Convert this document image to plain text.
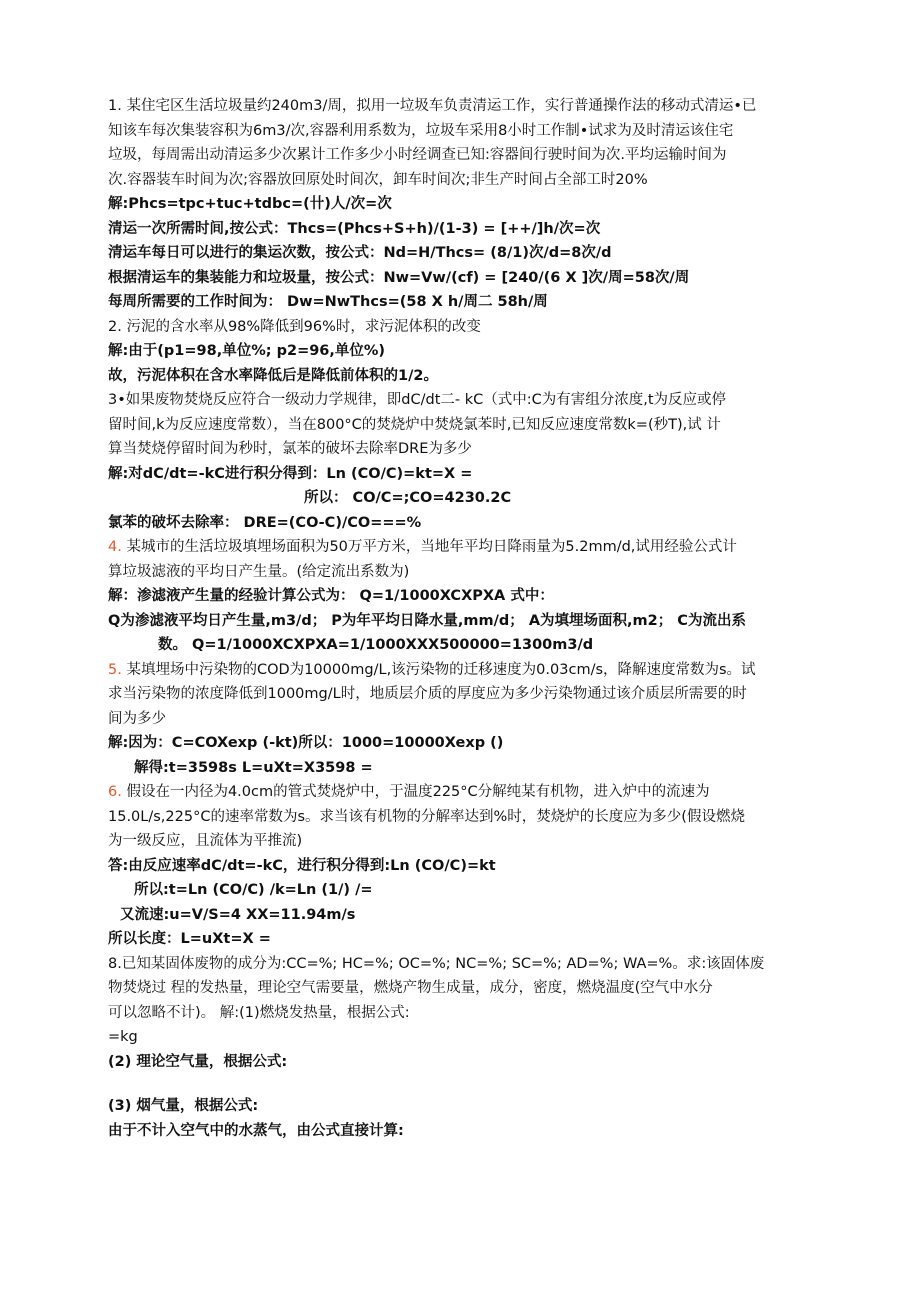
1. 某住宅区生活垃圾量约240m3/周，拟用一垃圾车负责清运工作，实行普通操作法的移动式清运•已
知该车每次集装容积为6m3/次,容器利用系数为，垃圾车采用8小时工作制•试求为及时清运该住宅
垃圾，每周需出动清运多少次累计工作多少小时经调查已知:容器间行驶时间为次.平均运输时间为
次.容器装车时间为次;容器放回原处时间次，卸车时间次;非生产时间占全部工时20%
解:Phcs=tpc+tuc+tdbc=(卄)人/次=次
清运一次所需时间,按公式：Thcs=(Phcs+S+h)/(1-3) = [++/]h/次=次
清运车每日可以进行的集运次数，按公式：Nd=H/Thcs= (8/1)次/d=8次/d
根据清运车的集装能力和垃圾量，按公式：Nw=Vw/(cf) = [240/(6 X ]次/周=58次/周
每周所需要的工作时间为： Dw=NwThcs=(58 X h/周二 58h/周
2. 污泥的含水率从98%降低到96%时，求污泥体积的改变
解:由于(p1=98,单位%; p2=96,单位%)
故，污泥体积在含水率降低后是降低前体积的1/2。
3•如果废物焚烧反应符合一级动力学规律，即dC/dt二- kC（式中:C为有害组分浓度,t为反应或停
留时间,k为反应速度常数），当在800°C的焚烧炉中焚烧氯苯时,已知反应速度常数k=(秒T),试 计
算当焚烧停留时间为秒时，氯苯的破坏去除率DRE为多少
解:对dC/dt=-kC进行积分得到：Ln (CO/C)=kt=X =
所以： CO/C=;CO=4230.2C
氯苯的破坏去除率： DRE=(CO-C)/CO===%
4. 某城市的生活垃圾填埋场面积为50万平方米，当地年平均日降雨量为5.2mm/d,试用经验公式计
算垃圾滤液的平均日产生量。(给定流出系数为)
解：渗滤液产生量的经验计算公式为： Q=1/1000XCXPXA 式中：
Q为渗滤液平均日产生量,m3/d； P为年平均日降水量,mm/d； A为填埋场面积,m2； C为流出系
数。 Q=1/1000XCXPXA=1/1000XXX500000=1300m3/d
5. 某填埋场中污染物的COD为10000mg/L,该污染物的迁移速度为0.03cm/s，降解速度常数为s。试
求当污染物的浓度降低到1000mg/L时，地质层介质的厚度应为多少污染物通过该介质层所需要的时
间为多少
解:因为：C=COXexp (-kt)所以：1000=10000Xexp ()
解得:t=3598s L=uXt=X3598 =
6. 假设在一内径为4.0cm的管式焚烧炉中，于温度225°C分解纯某有机物，进入炉中的流速为
15.0L/s,225°C的速率常数为s。求当该有机物的分解率达到%时，焚烧炉的长度应为多少(假设燃烧
为一级反应，且流体为平推流)
答:由反应速率dC/dt=-kC，进行积分得到:Ln (CO/C)=kt
所以:t=Ln (CO/C) /k=Ln (1/) /=
又流速:u=V/S=4 XX=11.94m/s
所以长度：L=uXt=X =
8.已知某固体废物的成分为:CC=%; HC=%; OC=%; NC=%; SC=%; AD=%; WA=%。求:该固体废
物焚烧过 程的发热量，理论空气需要量，燃烧产物生成量，成分，密度，燃烧温度(空气中水分
可以忽略不计)。 解:(1)燃烧发热量，根据公式:
=kg
(2) 理论空气量，根据公式:
(3) 烟气量，根据公式:
由于不计入空气中的水蒸气，由公式直接计算:
